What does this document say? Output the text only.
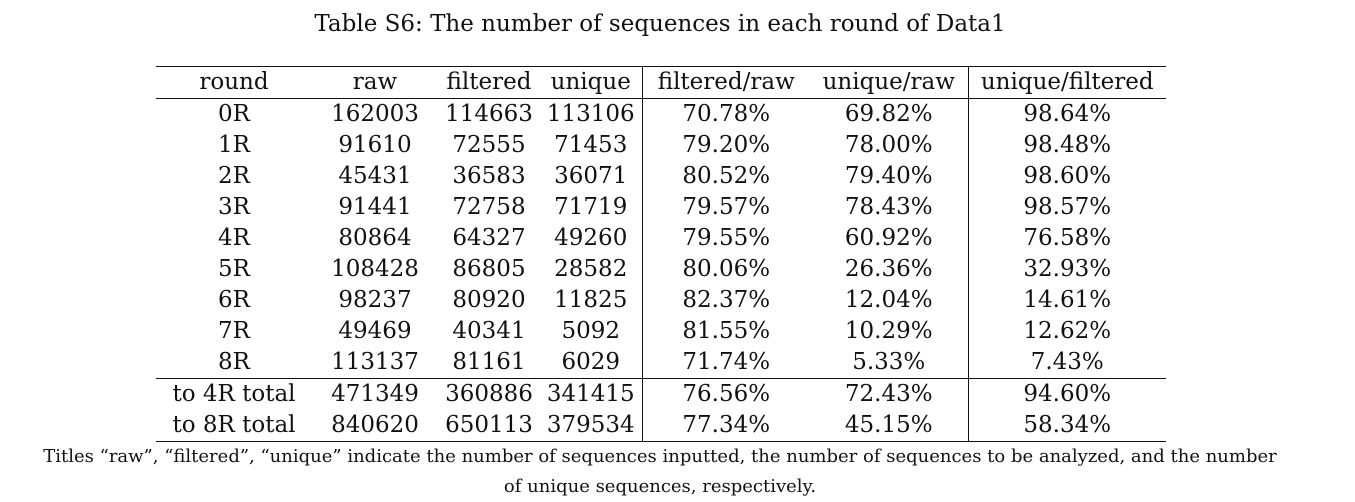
Table S6: The number of sequences in each round of Data1
round	raw	filtered	unique	filtered/raw	unique/raw	unique/filtered
0R	162003	114663	113106	70.78%	69.82%	98.64%
1R	91610	72555	71453	79.20%	78.00%	98.48%
2R	45431	36583	36071	80.52%	79.40%	98.60%
3R	91441	72758	71719	79.57%	78.43%	98.57%
4R	80864	64327	49260	79.55%	60.92%	76.58%
5R	108428	86805	28582	80.06%	26.36%	32.93%
6R	98237	80920	11825	82.37%	12.04%	14.61%
7R	49469	40341	5092	81.55%	10.29%	12.62%
8R	113137	81161	6029	71.74%	5.33%	7.43%
to 4R total	471349	360886	341415	76.56%	72.43%	94.60%
to 8R total	840620	650113	379534	77.34%	45.15%	58.34%
Titles “raw”, “filtered”, “unique” indicate the number of sequences inputted, the number of sequences to be analyzed, and the number
of unique sequences, respectively.
